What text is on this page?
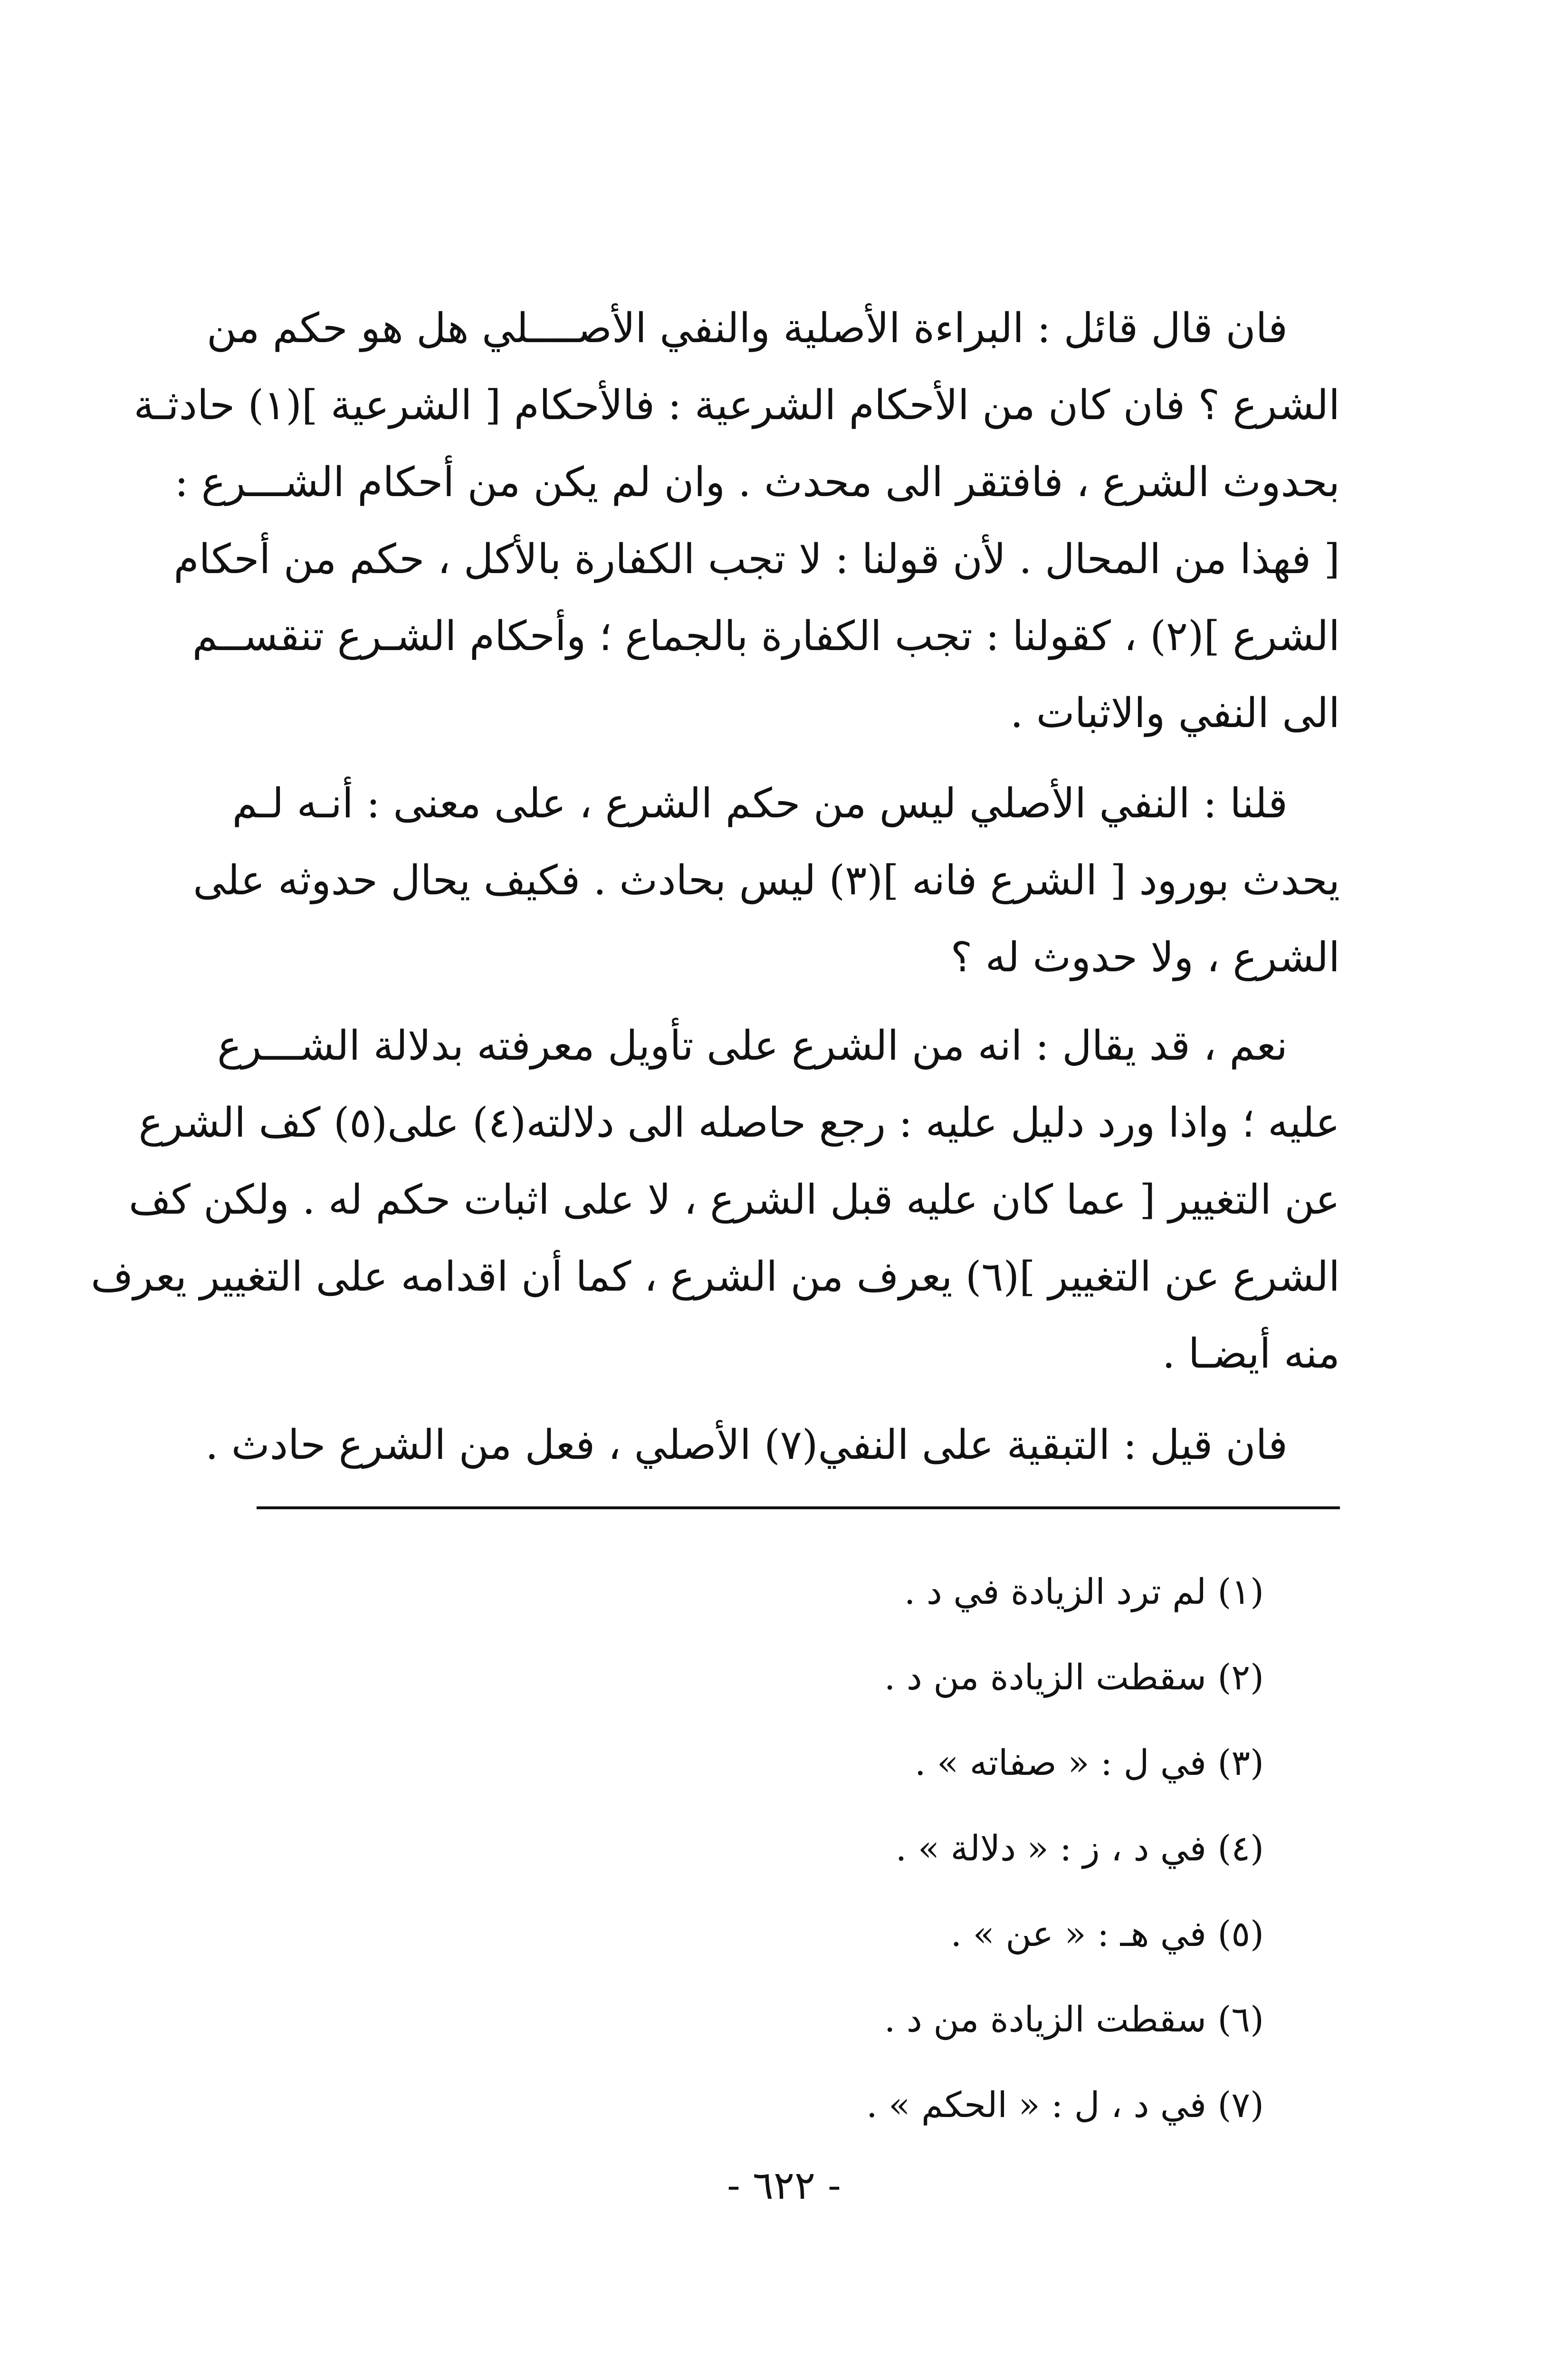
فان قال قائل : البراءة الأصلية والنفي الأصــــلي هل هو حكم من
الشرع ؟ فان كان من الأحكام الشرعية : فالأحكام [ الشرعية ](١) حادثـة
بحدوث الشرع ، فافتقر الى محدث . وان لم يكن من أحكام الشـــرع :
[ فهذا من المحال . لأن قولنا : لا تجب الكفارة بالأكل ، حكم من أحكام
الشرع ](٢) ، كقولنا : تجب الكفارة بالجماع ؛ وأحكام الشـرع تنقســم
الى النفي والاثبات .
قلنا : النفي الأصلي ليس من حكم الشرع ، على معنى : أنـه لـم
يحدث بورود [ الشرع فانه ](٣) ليس بحادث . فكيف يحال حدوثه على
الشرع ، ولا حدوث له ؟
نعم ، قد يقال : انه من الشرع على تأويل معرفته بدلالة الشـــرع
عليه ؛ واذا ورد دليل عليه : رجع حاصله الى دلالته(٤) على(٥) كف الشرع
عن التغيير [ عما كان عليه قبل الشرع ، لا على اثبات حكم له . ولكن كف
الشرع عن التغيير ](٦) يعرف من الشرع ، كما أن اقدامه على التغيير يعرف
منه أيضـا .
فان قيل : التبقية على النفي(٧) الأصلي ، فعل من الشرع حادث .
(١) لم ترد الزيادة في د .
(٢) سقطت الزيادة من د .
(٣) في ل : « صفاته » .
(٤) في د ، ز : « دلالة » .
(٥) في هـ : « عن » .
(٦) سقطت الزيادة من د .
(٧) في د ، ل : « الحكم » .
- ٦٢٢ -
